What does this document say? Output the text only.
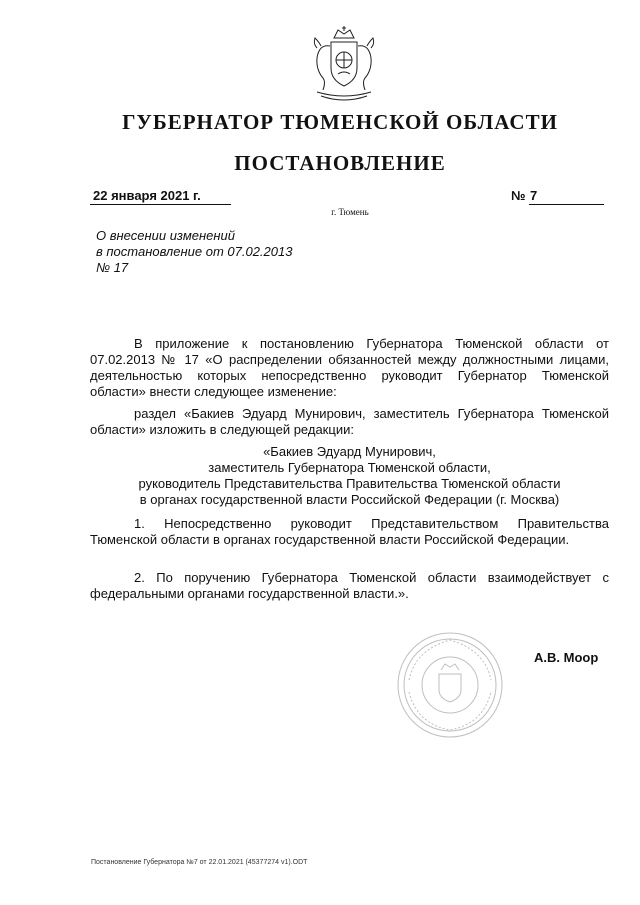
ГУБЕРНАТОР ТЮМЕНСКОЙ ОБЛАСТИ
ПОСТАНОВЛЕНИЕ
22 января 2021 г.	№ 7
г. Тюмень
О внесении изменений
в постановление от 07.02.2013
№ 17
В приложение к постановлению Губернатора Тюменской области от 07.02.2013 № 17 «О распределении обязанностей между должностными лицами, деятельностью которых непосредственно руководит Губернатор Тюменской области» внести следующее изменение:
раздел «Бакиев Эдуард Мунирович, заместитель Губернатора Тюменской области» изложить в следующей редакции:
«Бакиев Эдуард Мунирович,
заместитель Губернатора Тюменской области,
руководитель Представительства Правительства Тюменской области
в органах государственной власти Российской Федерации (г. Москва)
1. Непосредственно руководит Представительством Правительства Тюменской области в органах государственной власти Российской Федерации.
2. По поручению Губернатора Тюменской области взаимодействует с федеральными органами государственной власти.».
А.В. Моор
Постановление Губернатора №7 от 22.01.2021 (45377274 v1).ODT
